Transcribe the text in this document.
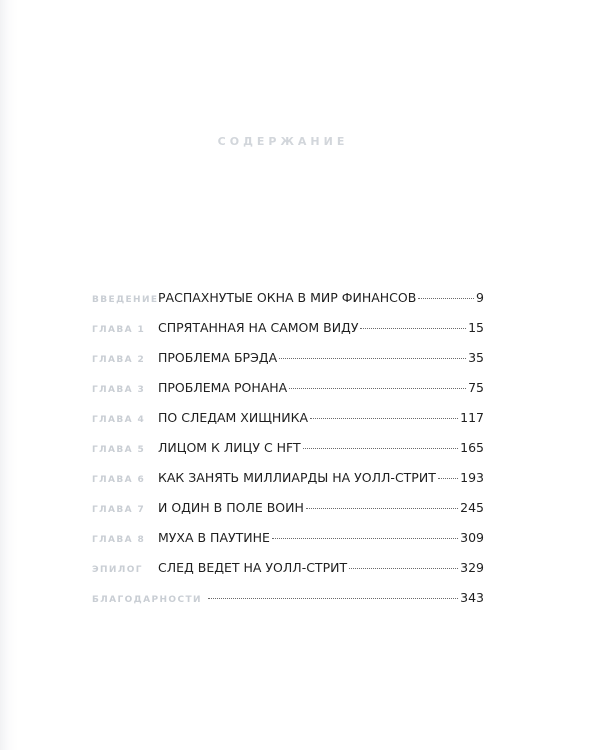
СОДЕРЖАНИЕ
ВВЕДЕНИЕ РАСПАХНУТЫЕ ОКНА В МИР ФИНАНСОВ	9
ГЛАВА 1	СПРЯТАННАЯ НА САМОМ ВИДУ	15
ГЛАВА 2	ПРОБЛЕМА БРЭДА	35
ГЛАВА 3	ПРОБЛЕМА РОНАНА	75
ГЛАВА 4	ПО СЛЕДАМ ХИЩНИКА	117
ГЛАВА 5	ЛИЦОМ К ЛИЦУ С HFT	165
ГЛАВА 6	КАК ЗАНЯТЬ МИЛЛИАРДЫ НА УОЛЛ-СТРИТ 193
ГЛАВА 7	И ОДИН В ПОЛЕ ВОИН	245
ГЛАВА 8	МУХА В ПАУТИНЕ	309
ЭПИЛОГ	СЛЕД ВЕДЕТ НА УОЛЛ-СТРИТ	329
БЛАГОДАРНОСТИ	343
